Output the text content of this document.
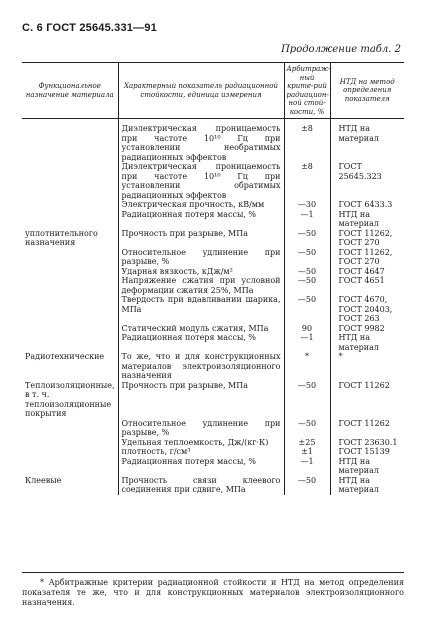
С. 6 ГОСТ 25645.331—91
Продолжение табл. 2
Функциональное назначение материала	Характерный показатель радиационной стойкости, единица измерения	Арбитраж-ный крите-рий радиацион-ной стой-кости, %	НТД на метод определения показателя
	Диэлектрическая проницаемость при частоте 10¹⁰ Гц при установлении необратимых радиационных эффектов	±8	НТД на материал
	Диэлектрическая проницаемость при частоте 10¹⁰ Гц при установлении обратимых радиационных эффектов	±8	ГОСТ 25645.323
	Электрическая прочность, кВ/мм	—30	ГОСТ 6433.3
	Радиационная потеря массы, %	—1	НТД на материал
уплотнительного назначения	Прочность при разрыве, МПа	—50	ГОСТ 11262, ГОСТ 270
	Относительное удлинение при разрыве, %	—50	ГОСТ 11262, ГОСТ 270
	Ударная вязкость, кДж/м²	—50	ГОСТ 4647
	Напряжение сжатия при условной деформации сжатия 25%, МПа	—50	ГОСТ 4651
	Твердость при вдавливании шарика, МПа	—50	ГОСТ 4670, ГОСТ 20403, ГОСТ 263
	Статический модуль сжатия, МПа	90	ГОСТ 9982
	Радиационная потеря массы, %	—1	НТД на материал
Радиотехнические	То же, что и для конструкционных материалов электроизоляционного назначения	*	*
Теплоизоляционные, в т. ч. теплоизоляционные покрытия	Прочность при разрыве, МПа	—50	ГОСТ 11262
	Относительное удлинение при разрыве, %	—50	ГОСТ 11262
	Удельная теплоемкость, Дж/(кг·К)	±25	ГОСТ 23630.1
	плотность, г/см³	±1	ГОСТ 15139
	Радиационная потеря массы, %	—1	НТД на материал
Клеевые	Прочность связи клеевого соединения при сдвиге, МПа	—50	НТД на материал
* Арбитражные критерии радиационной стойкости и НТД на метод определения показателя те же, что и для конструкционных материалов электроизоляционного назначения.
